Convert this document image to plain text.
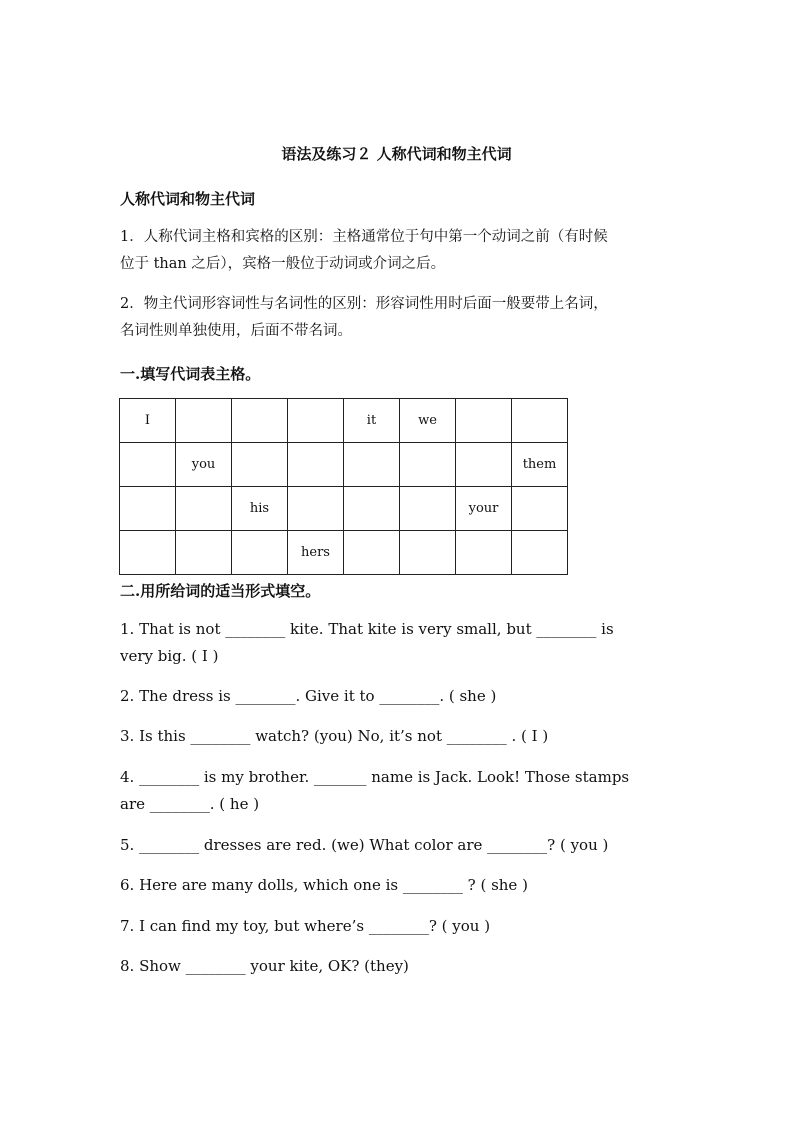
语法及练习２ 人称代词和物主代词
人称代词和物主代词
1．人称代词主格和宾格的区别：主格通常位于句中第一个动词之前（有时候
位于 than 之后），宾格一般位于动词或介词之后。
2．物主代词形容词性与名词性的区别：形容词性用时后面一般要带上名词，
名词性则单独使用，后面不带名词。
一.填写代词表主格。
I				it	we		
	you						them
		his				your	
			hers				
二.用所给词的适当形式填空。
1. That is not ________ kite. That kite is very small, but ________ is
very big. ( I )
2. The dress is ________. Give it to ________. ( she )
3. Is this ________ watch? (you) No, it’s not ________ . ( I )
4. ________ is my brother. _______ name is Jack. Look! Those stamps
are ________. ( he )
5. ________ dresses are red. (we) What color are ________? ( you )
6. Here are many dolls, which one is ________ ? ( she )
7. I can find my toy, but where’s ________? ( you )
8. Show ________ your kite, OK? (they)
